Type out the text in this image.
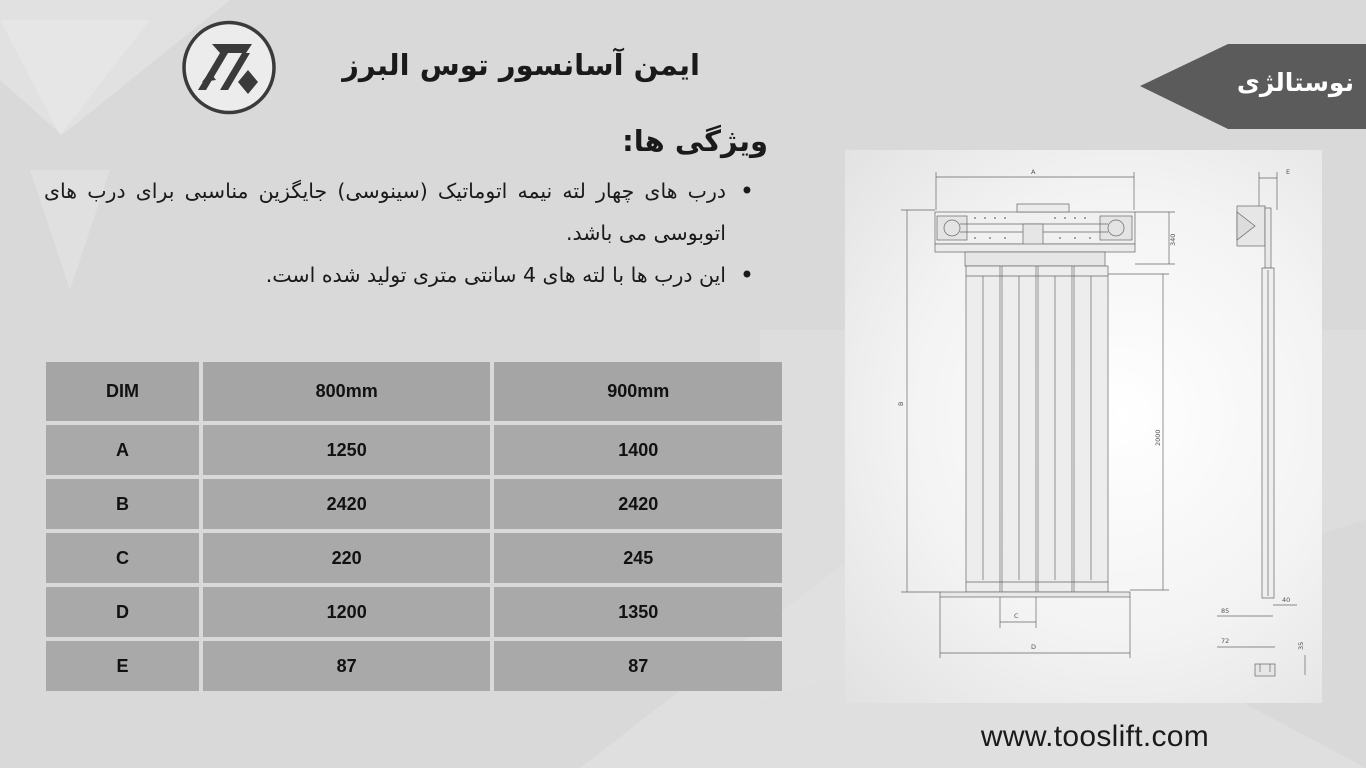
ایمن آسانسور توس البرز
نوستالژی
ویژگی ها:
• درب های چهار لته نیمه اتوماتیک (سینوسی) جایگزین مناسبی برای درب های اتوبوسی می باشد.
• این درب ها با لته های 4 سانتی متری تولید شده است.
DIM	800mm	900mm
A	1250	1400
B	2420	2420
C	220	245
D	1200	1350
E	87	87
A	E
B
340
2000
C
D
85
40
72
35
www.tooslift.com
